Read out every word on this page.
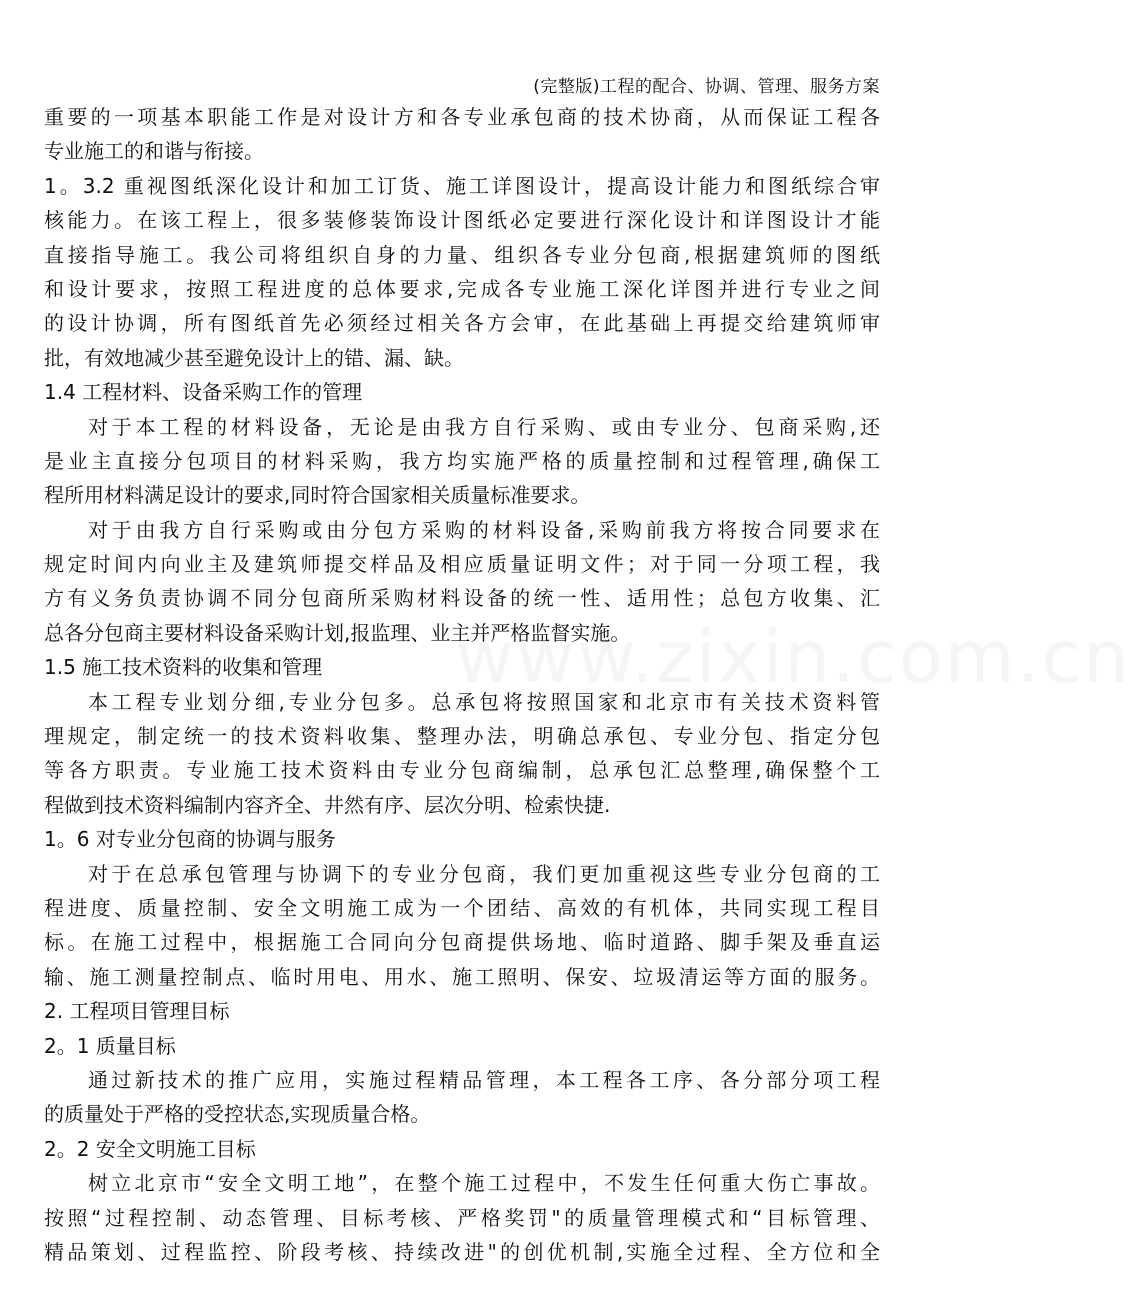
(完整版)工程的配合、协调、管理、服务方案
www.zixin.com.cn
重要的一项基本职能工作是对设计方和各专业承包商的技术协商，从而保证工程各
专业施工的和谐与衔接。
1。3.2 重视图纸深化设计和加工订货、施工详图设计，提高设计能力和图纸综合审
核能力。在该工程上，很多装修装饰设计图纸必定要进行深化设计和详图设计才能
直接指导施工。我公司将组织自身的力量、组织各专业分包商,根据建筑师的图纸
和设计要求，按照工程进度的总体要求,完成各专业施工深化详图并进行专业之间
的设计协调，所有图纸首先必须经过相关各方会审，在此基础上再提交给建筑师审
批，有效地减少甚至避免设计上的错、漏、缺。
1.4 工程材料、设备采购工作的管理
对于本工程的材料设备，无论是由我方自行采购、或由专业分、包商采购,还
是业主直接分包项目的材料采购，我方均实施严格的质量控制和过程管理,确保工
程所用材料满足设计的要求,同时符合国家相关质量标准要求。
对于由我方自行采购或由分包方采购的材料设备,采购前我方将按合同要求在
规定时间内向业主及建筑师提交样品及相应质量证明文件；对于同一分项工程，我
方有义务负责协调不同分包商所采购材料设备的统一性、适用性；总包方收集、汇
总各分包商主要材料设备采购计划,报监理、业主并严格监督实施。
1.5 施工技术资料的收集和管理
本工程专业划分细,专业分包多。总承包将按照国家和北京市有关技术资料管
理规定，制定统一的技术资料收集、整理办法，明确总承包、专业分包、指定分包
等各方职责。专业施工技术资料由专业分包商编制，总承包汇总整理,确保整个工
程做到技术资料编制内容齐全、井然有序、层次分明、检索快捷.
1。6 对专业分包商的协调与服务
对于在总承包管理与协调下的专业分包商，我们更加重视这些专业分包商的工
程进度、质量控制、安全文明施工成为一个团结、高效的有机体，共同实现工程目
标。在施工过程中，根据施工合同向分包商提供场地、临时道路、脚手架及垂直运
输、施工测量控制点、临时用电、用水、施工照明、保安、垃圾清运等方面的服务。
2. 工程项目管理目标
2。1 质量目标
通过新技术的推广应用，实施过程精品管理，本工程各工序、各分部分项工程
的质量处于严格的受控状态,实现质量合格。
2。2 安全文明施工目标
树立北京市“安全文明工地”，在整个施工过程中，不发生任何重大伤亡事故。
按照“过程控制、动态管理、目标考核、严格奖罚"的质量管理模式和“目标管理、
精品策划、过程监控、阶段考核、持续改进"的创优机制,实施全过程、全方位和全
